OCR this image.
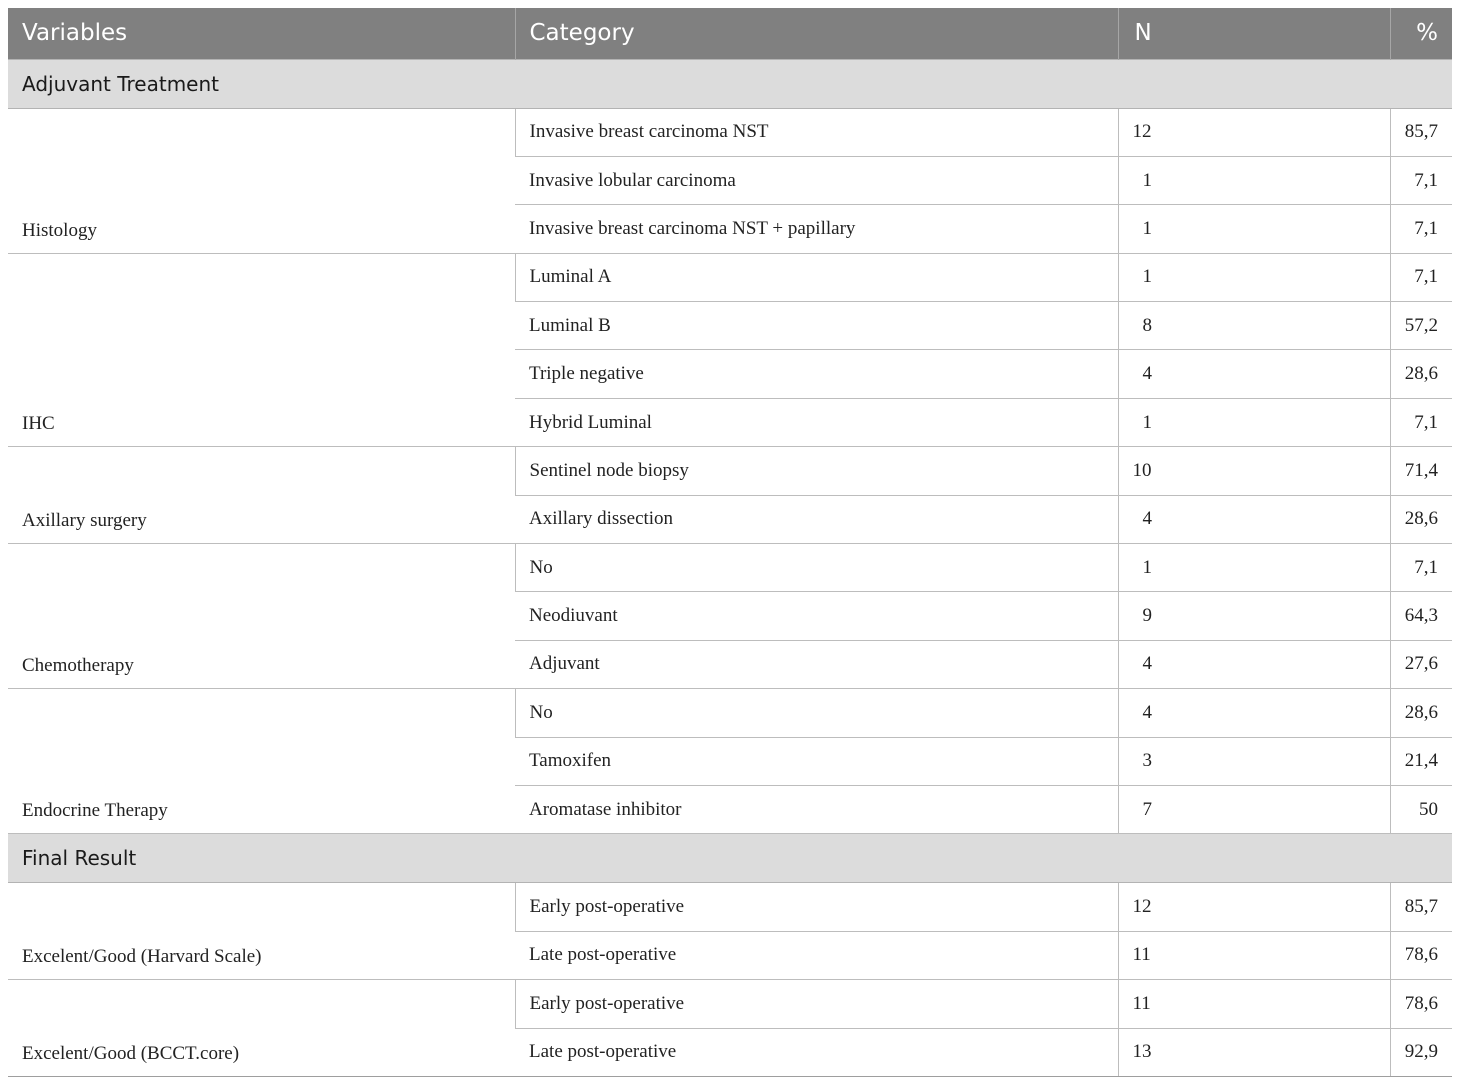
Variables	Category	N	%
Adjuvant Treatment			
Histology	Invasive breast carcinoma NST	12	85,7
	Invasive lobular carcinoma	1	7,1
	Invasive breast carcinoma NST + papillary	1	7,1
IHC	Luminal A	1	7,1
	Luminal B	8	57,2
	Triple negative	4	28,6
	Hybrid Luminal	1	7,1
Axillary surgery	Sentinel node biopsy	10	71,4
	Axillary dissection	4	28,6
Chemotherapy	No	1	7,1
	Neodiuvant	9	64,3
	Adjuvant	4	27,6
Endocrine Therapy	No	4	28,6
	Tamoxifen	3	21,4
	Aromatase inhibitor	7	50
Final Result			
Excelent/Good (Harvard Scale)	Early post-operative	12	85,7
	Late post-operative	11	78,6
Excelent/Good (BCCT.core)	Early post-operative	11	78,6
	Late post-operative	13	92,9
